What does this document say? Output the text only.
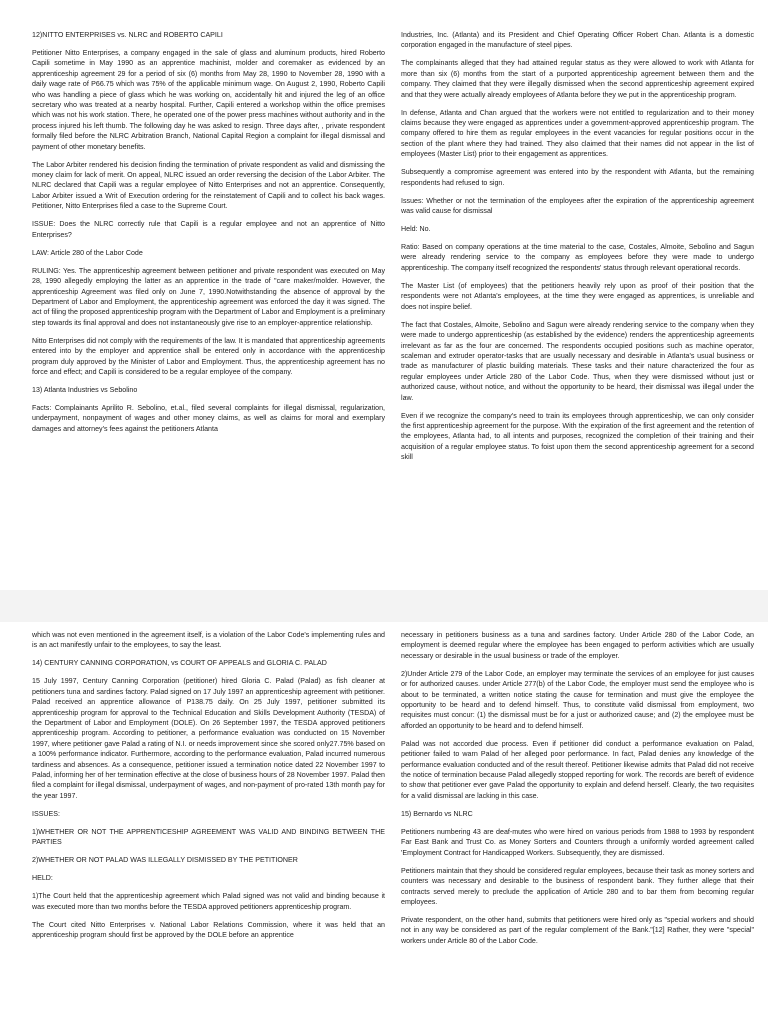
12)NITTO ENTERPRISES vs. NLRC and ROBERTO CAPILI

Petitioner Nitto Enterprises, a company engaged in the sale of glass and aluminum products, hired Roberto Capili sometime in May 1990 as an apprentice machinist, molder and coremaker as evidenced by an apprenticeship agreement 29 for a period of six (6) months from May 28, 1990 to November 28, 1990 with a daily wage rate of P66.75 which was 75% of the applicable minimum wage. On August 2, 1990, Roberto Capili who was handling a piece of glass which he was working on, accidentally hit and injured the leg of an office secretary who was treated at a nearby hospital. Further, Capili entered a workshop within the office premises which was not his work station. There, he operated one of the power press machines without authority and in the process injured his left thumb. The following day he was asked to resign. Three days after, , private respondent formally filed before the NLRC Arbitration Branch, National Capital Region a complaint for illegal dismissal and payment of other monetary benefits.

The Labor Arbiter rendered his decision finding the termination of private respondent as valid and dismissing the money claim for lack of merit. On appeal, NLRC issued an order reversing the decision of the Labor Arbiter. The NLRC declared that Capili was a regular employee of Nitto Enterprises and not an apprentice. Consequently, Labor Arbiter issued a Writ of Execution ordering for the reinstatement of Capili and to collect his back wages. Petitioner, Nitto Enterprises filed a case to the Supreme Court.

ISSUE: Does the NLRC correctly rule that Capili is a regular employee and not an apprentice of Nitto Enterprises?

LAW: Article 280 of the Labor Code

RULING: Yes. The apprenticeship agreement between petitioner and private respondent was executed on May 28, 1990 allegedly employing the latter as an apprentice in the trade of "care maker/molder. However, the apprenticeship Agreement was filed only on June 7, 1990.Notwithstanding the absence of approval by the Department of Labor and Employment, the apprenticeship agreement was enforced the day it was signed. The act of filing the proposed apprenticeship program with the Department of Labor and Employment is a preliminary step towards its final approval and does not instantaneously give rise to an employer-apprentice relationship.

Nitto Enterprises did not comply with the requirements of the law. It is mandated that apprenticeship agreements entered into by the employer and apprentice shall be entered only in accordance with the apprenticeship program duly approved by the Minister of Labor and Employment. Thus, the apprenticeship agreement has no force and effect; and Capili is considered to be a regular employee of the company.

13) Atlanta Industries vs Sebolino

Facts: Complainants Aprilito R. Sebolino, et.al., filed several complaints for illegal dismissal, regularization, underpayment, nonpayment of wages and other money claims, as well as claims for moral and exemplary damages and attorney's fees against the petitioners Atlanta

Industries, Inc. (Atlanta) and its President and Chief Operating Officer Robert Chan. Atlanta is a domestic corporation engaged in the manufacture of steel pipes.

The complainants alleged that they had attained regular status as they were allowed to work with Atlanta for more than six (6) months from the start of a purported apprenticeship agreement between them and the company. They claimed that they were illegally dismissed when the second apprenticeship agreement expired and that they were actually already employees of Atlanta before they we put in the apprenticeship program.

In defense, Atlanta and Chan argued that the workers were not entitled to regularization and to their money claims because they were engaged as apprentices under a government-approved apprenticeship program. The company offered to hire them as regular employees in the event vacancies for regular positions occur in the section of the plant where they had trained. They also claimed that their names did not appear in the list of employees (Master List) prior to their engagement as apprentices.

Subsequently a compromise agreement was entered into by the respondent with Atlanta, but the remaining respondents had refused to sign.

Issues: Whether or not the termination of the employees after the expiration of the apprenticeship agreement was valid cause for dismissal

Held: No.

Ratio: Based on company operations at the time material to the case, Costales, Almoite, Sebolino and Sagun were already rendering service to the company as employees before they were made to undergo apprenticeship. The company itself recognized the respondents' status through relevant operational records.

The Master List (of employees) that the petitioners heavily rely upon as proof of their position that the respondents were not Atlanta's employees, at the time they were engaged as apprentices, is unreliable and does not inspire belief.

The fact that Costales, Almoite, Sebolino and Sagun were already rendering service to the company when they were made to undergo apprenticeship (as established by the evidence) renders the apprenticeship agreements irrelevant as far as the four are concerned. The respondents occupied positions such as machine operator, scaleman and extruder operator-tasks that are usually necessary and desirable in Atlanta's usual business or trade as manufacturer of plastic building materials. These tasks and their nature characterized the four as regular employees under Article 280 of the Labor Code. Thus, when they were dismissed without just or authorized cause, without notice, and without the opportunity to be heard, their dismissal was illegal under the law.

Even if we recognize the company's need to train its employees through apprenticeship, we can only consider the first apprenticeship agreement for the purpose. With the expiration of the first agreement and the retention of the employees, Atlanta had, to all intents and purposes, recognized the completion of their training and their acquisition of a regular employee status. To foist upon them the second apprenticeship agreement for a second skill

which was not even mentioned in the agreement itself, is a violation of the Labor Code's implementing rules and is an act manifestly unfair to the employees, to say the least.

14) CENTURY CANNING CORPORATION, vs COURT OF APPEALS and GLORIA C. PALAD

15 July 1997, Century Canning Corporation (petitioner) hired Gloria C. Palad (Palad) as fish cleaner at petitioners tuna and sardines factory. Palad signed on 17 July 1997 an apprenticeship agreement with petitioner. Palad received an apprentice allowance of P138.75 daily. On 25 July 1997, petitioner submitted its apprenticeship program for approval to the Technical Education and Skills Development Authority (TESDA) of the Department of Labor and Employment (DOLE). On 26 September 1997, the TESDA approved petitioners apprenticeship program. According to petitioner, a performance evaluation was conducted on 15 November 1997, where petitioner gave Palad a rating of N.I. or needs improvement since she scored only27.75% based on a 100% performance indicator. Furthermore, according to the performance evaluation, Palad incurred numerous tardiness and absences. As a consequence, petitioner issued a termination notice dated 22 November 1997 to Palad, informing her of her termination effective at the close of business hours of 28 November 1997. Palad then filed a complaint for illegal dismissal, underpayment of wages, and non-payment of pro-rated 13th month pay for the year 1997.

ISSUES:

1)WHETHER OR NOT THE APPRENTICESHIP AGREEMENT WAS VALID AND BINDING BETWEEN THE PARTIES

2)WHETHER OR NOT PALAD WAS ILLEGALLY DISMISSED BY THE PETITIONER

HELD:

1)The Court held that the apprenticeship agreement which Palad signed was not valid and binding because it was executed more than two months before the TESDA approved petitioners apprenticeship program.

The Court cited Nitto Enterprises v. National Labor Relations Commission, where it was held that an apprenticeship program should first be approved by the DOLE before an apprentice

necessary in petitioners business as a tuna and sardines factory. Under Article 280 of the Labor Code, an employment is deemed regular where the employee has been engaged to perform activities which are usually necessary or desirable in the usual business or trade of the employer.

2)Under Article 279 of the Labor Code, an employer may terminate the services of an employee for just causes or for authorized causes. under Article 277(b) of the Labor Code, the employer must send the employee who is about to be terminated, a written notice stating the cause for termination and must give the employee the opportunity to be heard and to defend himself. Thus, to constitute valid dismissal from employment, two requisites must concur: (1) the dismissal must be for a just or authorized cause; and (2) the employee must be afforded an opportunity to be heard and to defend himself.

Palad was not accorded due process. Even if petitioner did conduct a performance evaluation on Palad, petitioner failed to warn Palad of her alleged poor performance. In fact, Palad denies any knowledge of the performance evaluation conducted and of the result thereof. Petitioner likewise admits that Palad did not receive the notice of termination because Palad allegedly stopped reporting for work. The records are bereft of evidence to show that petitioner ever gave Palad the opportunity to explain and defend herself. Clearly, the two requisites for a valid dismissal are lacking in this case.

15) Bernardo vs NLRC

Petitioners numbering 43 are deaf-mutes who were hired on various periods from 1988 to 1993 by respondent Far East Bank and Trust Co. as Money Sorters and Counters through a uniformly worded agreement called 'Employment Contract for Handicapped Workers. Subsequently, they are dismissed.

Petitioners maintain that they should be considered regular employees, because their task as money sorters and counters was necessary and desirable to the business of respondent bank. They further allege that their contracts served merely to preclude the application of Article 280 and to bar them from becoming regular employees.

Private respondent, on the other hand, submits that petitioners were hired only as "special workers and should not in any way be considered as part of the regular complement of the Bank."[12] Rather, they were "special" workers under Article 80 of the Labor Code.
